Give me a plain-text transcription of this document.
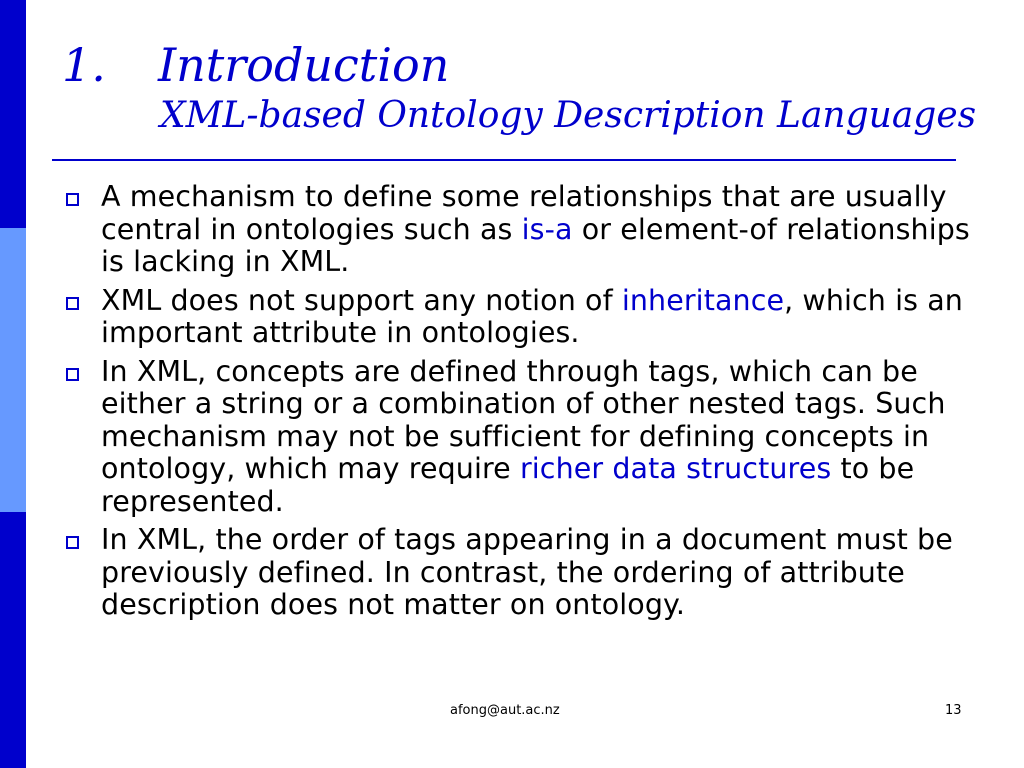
1. Introduction
XML-based Ontology Description Languages
A mechanism to define some relationships that are usually central in ontologies such as is-a or element-of relationships is lacking in XML.
XML does not support any notion of inheritance, which is an important attribute in ontologies.
In XML, concepts are defined through tags, which can be either a string or a combination of other nested tags. Such mechanism may not be sufficient for defining concepts in ontology, which may require richer data structures to be represented.
In XML, the order of tags appearing in a document must be previously defined. In contrast, the ordering of attribute description does not matter on ontology.
afong@aut.ac.nz	13
